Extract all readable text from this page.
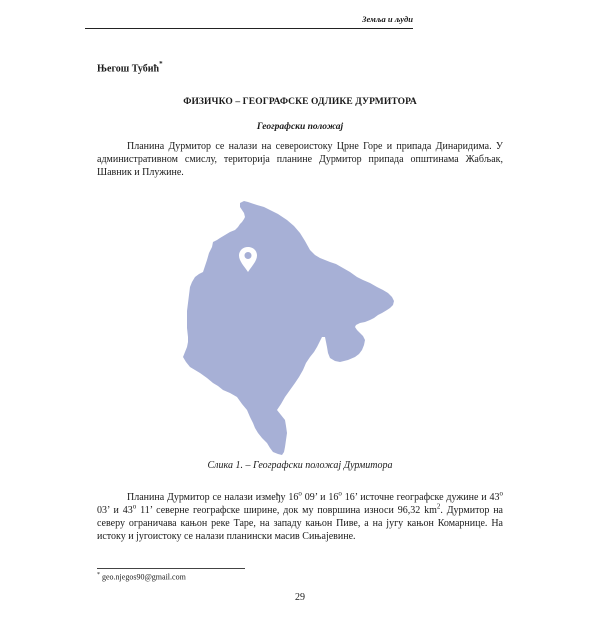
Земља и људи
Његош Тубић*
ФИЗИЧКО – ГЕОГРАФСКЕ ОДЛИКЕ ДУРМИТОРА
Географски положај
Планина Дурмитор се налази на североистоку Црне Горе и припада Динаридима. У административном смислу, територија планине Дурмитор припада општинама Жабљак, Шавник и Плужине.
Слика 1. – Географски положај Дурмитора
Планина Дурмитор се налази између 16$^o$ 09’ и 16$^o$ 16’ источне географске дужине и 43$^o$ 03’ и 43$^o$ 11’ северне географске ширине, док му површина износи 96,32 $km^2$. Дурмитор на северу ограничава кањон реке Таре, на западу кањон Пиве, а на југу кањон Комарнице. На истоку и југоистоку се налази планински масив Сињајевине.
* geo.njegos90@gmail.com
29
